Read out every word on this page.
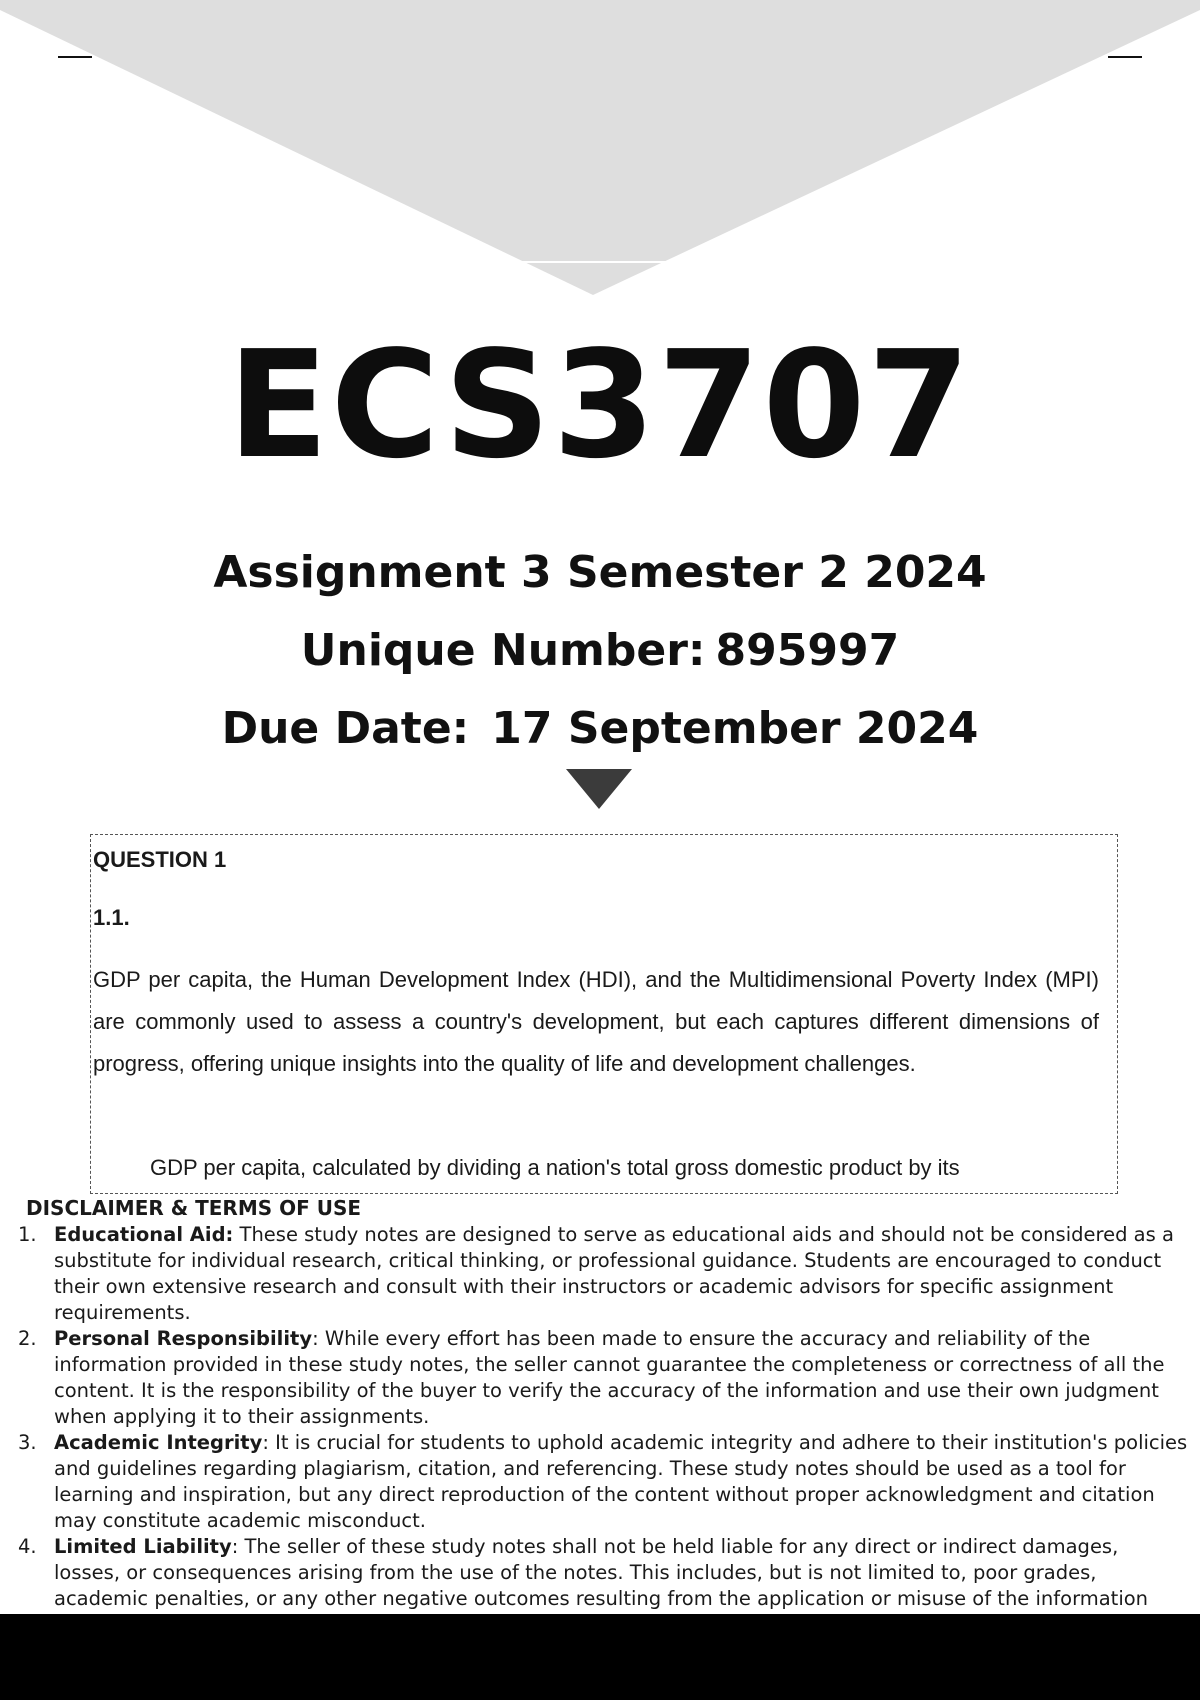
ECS3707
Assignment 3 Semester 2 2024
Unique Number: 895997
Due Date: 17 September 2024
QUESTION 1
1.1.

GDP per capita, the Human Development Index (HDI), and the Multidimensional Poverty Index (MPI) are commonly used to assess a country's development, but each captures different dimensions of progress, offering unique insights into the quality of life and development challenges.

GDP per capita, calculated by dividing a nation's total gross domestic product by its

DISCLAIMER & TERMS OF USE
1. Educational Aid: These study notes are designed to serve as educational aids and should not be considered as a substitute for individual research, critical thinking, or professional guidance. Students are encouraged to conduct their own extensive research and consult with their instructors or academic advisors for specific assignment requirements.
2. Personal Responsibility: While every effort has been made to ensure the accuracy and reliability of the information provided in these study notes, the seller cannot guarantee the completeness or correctness of all the content. It is the responsibility of the buyer to verify the accuracy of the information and use their own judgment when applying it to their assignments.
3. Academic Integrity: It is crucial for students to uphold academic integrity and adhere to their institution's policies and guidelines regarding plagiarism, citation, and referencing. These study notes should be used as a tool for learning and inspiration, but any direct reproduction of the content without proper acknowledgment and citation may constitute academic misconduct.
4. Limited Liability: The seller of these study notes shall not be held liable for any direct or indirect damages, losses, or consequences arising from the use of the notes. This includes, but is not limited to, poor grades, academic penalties, or any other negative outcomes resulting from the application or misuse of the information
